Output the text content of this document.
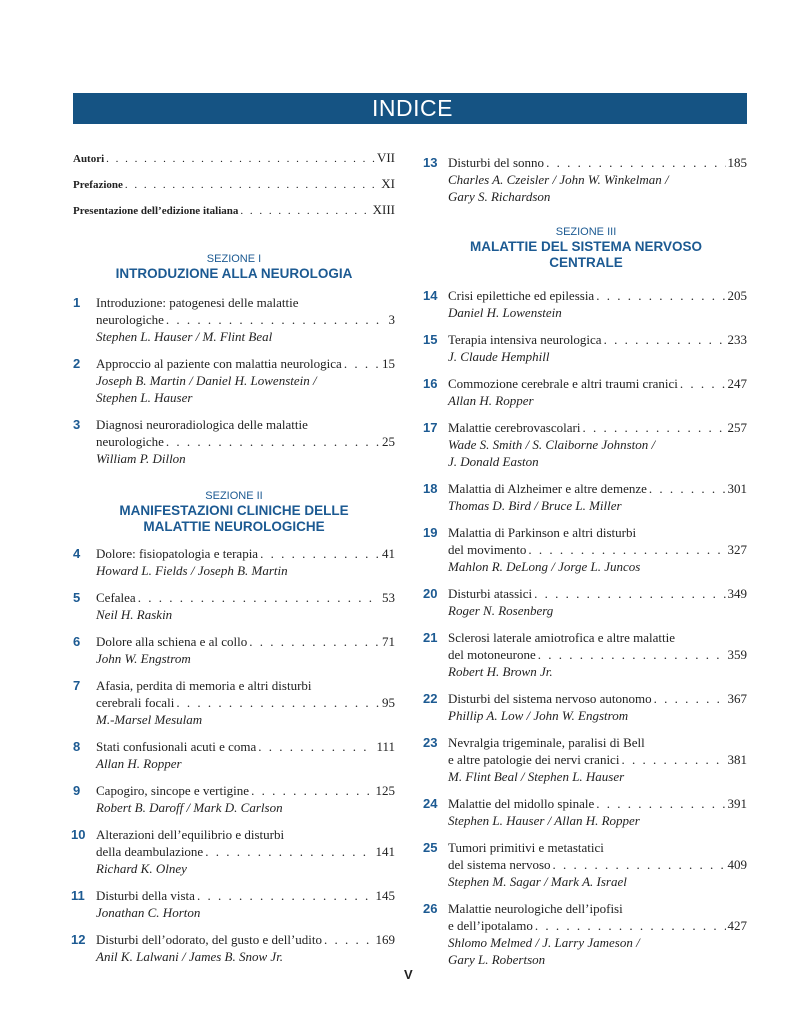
INDICE
Autori . . .	VII
Prefazione . . .	XI
Presentazione dell’edizione italiana . . .	XIII
SEZIONE I
INTRODUZIONE ALLA NEUROLOGIA
1 Introduzione: patogenesi delle malattie
neurologiche . . .	3
Stephen L. Hauser / M. Flint Beal
2 Approccio al paziente con malattia neurologica . . .	15
Joseph B. Martin / Daniel H. Lowenstein /
Stephen L. Hauser
3 Diagnosi neuroradiologica delle malattie
neurologiche . . .	25
William P. Dillon
SEZIONE II
MANIFESTAZIONI CLINICHE DELLE
MALATTIE NEUROLOGICHE
4 Dolore: fisiopatologia e terapia . . .	41
Howard L. Fields / Joseph B. Martin
5 Cefalea . . .	53
Neil H. Raskin
6 Dolore alla schiena e al collo . . .	71
John W. Engstrom
7 Afasia, perdita di memoria e altri disturbi
cerebrali focali . . .	95
M.-Marsel Mesulam
8 Stati confusionali acuti e coma . . .	111
Allan H. Ropper
9 Capogiro, sincope e vertigine . . .	125
Robert B. Daroff / Mark D. Carlson
10 Alterazioni dell’equilibrio e disturbi
della deambulazione . . .	141
Richard K. Olney
11 Disturbi della vista . . .	145
Jonathan C. Horton
12 Disturbi dell’odorato, del gusto e dell’udito . . .	169
Anil K. Lalwani / James B. Snow Jr.
13 Disturbi del sonno . . .	185
Charles A. Czeisler / John W. Winkelman /
Gary S. Richardson
SEZIONE III
MALATTIE DEL SISTEMA NERVOSO
CENTRALE
14 Crisi epilettiche ed epilessia . . .	205
Daniel H. Lowenstein
15 Terapia intensiva neurologica . . .	233
J. Claude Hemphill
16 Commozione cerebrale e altri traumi cranici . . .	247
Allan H. Ropper
17 Malattie cerebrovascolari . . .	257
Wade S. Smith / S. Claiborne Johnston /
J. Donald Easton
18 Malattia di Alzheimer e altre demenze . . .	301
Thomas D. Bird / Bruce L. Miller
19 Malattia di Parkinson e altri disturbi
del movimento . . .	327
Mahlon R. DeLong / Jorge L. Juncos
20 Disturbi atassici . . .	349
Roger N. Rosenberg
21 Sclerosi laterale amiotrofica e altre malattie
del motoneurone . . .	359
Robert H. Brown Jr.
22 Disturbi del sistema nervoso autonomo . . .	367
Phillip A. Low / John W. Engstrom
23 Nevralgia trigeminale, paralisi di Bell
e altre patologie dei nervi cranici . . .	381
M. Flint Beal / Stephen L. Hauser
24 Malattie del midollo spinale . . .	391
Stephen L. Hauser / Allan H. Ropper
25 Tumori primitivi e metastatici
del sistema nervoso . . .	409
Stephen M. Sagar / Mark A. Israel
26 Malattie neurologiche dell’ipofisi
e dell’ipotalamo . . .	427
Shlomo Melmed / J. Larry Jameson /
Gary L. Robertson
V
